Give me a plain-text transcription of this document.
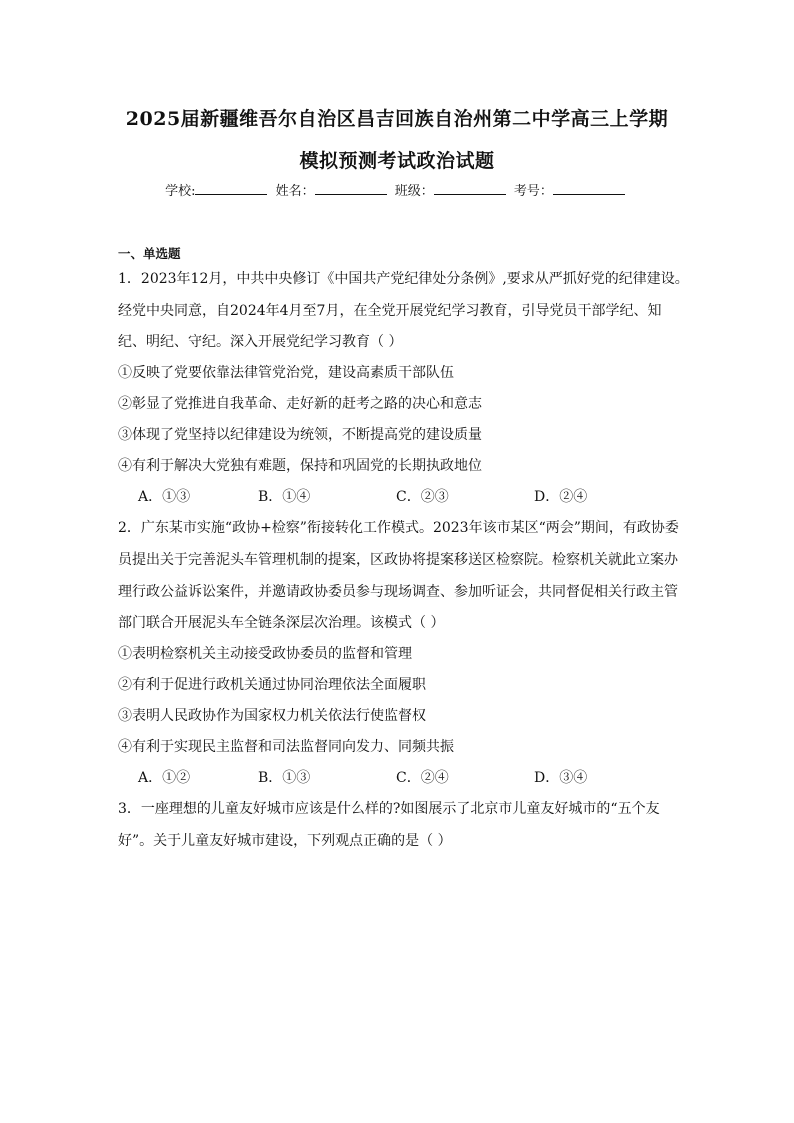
2025届新疆维吾尔自治区昌吉回族自治州第二中学高三上学期
模拟预测考试政治试题
学校:	姓名：	班级：	考号：
一、单选题
1．2023年12月，中共中央修订《中国共产党纪律处分条例》,要求从严抓好党的纪律建设。
经党中央同意，自2024年4月至7月，在全党开展党纪学习教育，引导党员干部学纪、知
纪、明纪、守纪。深入开展党纪学习教育（ ）
①反映了党要依靠法律管党治党，建设高素质干部队伍
②彰显了党推进自我革命、走好新的赶考之路的决心和意志
③体现了党坚持以纪律建设为统领，不断提高党的建设质量
④有利于解决大党独有难题，保持和巩固党的长期执政地位
A．①③	B．①④	C．②③	D．②④
2．广东某市实施“政协+检察”衔接转化工作模式。2023年该市某区“两会”期间，有政协委
员提出关于完善泥头车管理机制的提案，区政协将提案移送区检察院。检察机关就此立案办
理行政公益诉讼案件，并邀请政协委员参与现场调查、参加听证会，共同督促相关行政主管
部门联合开展泥头车全链条深层次治理。该模式（ ）
①表明检察机关主动接受政协委员的监督和管理
②有利于促进行政机关通过协同治理依法全面履职
③表明人民政协作为国家权力机关依法行使监督权
④有利于实现民主监督和司法监督同向发力、同频共振
A．①②	B．①③	C．②④	D．③④
3．一座理想的儿童友好城市应该是什么样的?如图展示了北京市儿童友好城市的“五个友
好”。关于儿童友好城市建设，下列观点正确的是（ ）
